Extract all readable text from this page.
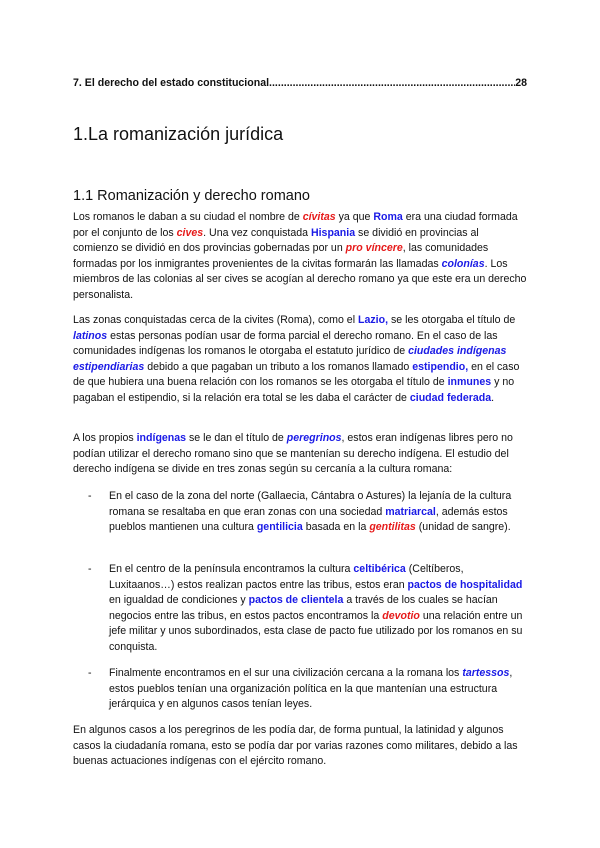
7. El derecho del estado constitucional.
.....	28
1.La romanización jurídica
1.1 Romanización y derecho romano
Los romanos le daban a su ciudad el nombre de cívitas ya que Roma era una ciudad formada por el conjunto de los cives. Una vez conquistada Hispania se dividió en provincias al comienzo se dividió en dos provincias gobernadas por un pro víncere, las comunidades formadas por los inmigrantes provenientes de la civitas formarán las llamadas colonías. Los miembros de las colonias al ser cives se acogían al derecho romano ya que este era un derecho personalista.
Las zonas conquistadas cerca de la civites (Roma), como el Lazio, se les otorgaba el título de latinos estas personas podían usar de forma parcial el derecho romano. En el caso de las comunidades indígenas los romanos le otorgaba el estatuto jurídico de ciudades indígenas estipendiarias debido a que pagaban un tributo a los romanos llamado estipendio, en el caso de que hubiera una buena relación con los romanos se les otorgaba el título de inmunes y no pagaban el estipendio, si la relación era total se les daba el carácter de ciudad federada.
A los propios indígenas se le dan el título de peregrinos, estos eran indígenas libres pero no podían utilizar el derecho romano sino que se mantenían su derecho indígena. El estudio del derecho indígena se divide en tres zonas según su cercanía a la cultura romana:
- En el caso de la zona del norte (Gallaecia, Cántabra o Astures) la lejanía de la cultura romana se resaltaba en que eran zonas con una sociedad matriarcal, además estos pueblos mantienen una cultura gentilicia basada en la gentilitas (unidad de sangre).
- En el centro de la península encontramos la cultura celtibérica (Celtíberos, Luxitaanos…) estos realizan pactos entre las tribus, estos eran pactos de hospitalidad en igualdad de condiciones y pactos de clientela a través de los cuales se hacían negocios entre las tribus, en estos pactos encontramos la devotio una relación entre un jefe militar y unos subordinados, esta clase de pacto fue utilizado por los romanos en su conquista.
- Finalmente encontramos en el sur una civilización cercana a la romana los tartessos, estos pueblos tenían una organización política en la que mantenían una estructura jerárquica y en algunos casos tenían leyes.
En algunos casos a los peregrinos de les podía dar, de forma puntual, la latinidad y algunos casos la ciudadanía romana, esto se podía dar por varias razones como militares, debido a las buenas actuaciones indígenas con el ejército romano.
